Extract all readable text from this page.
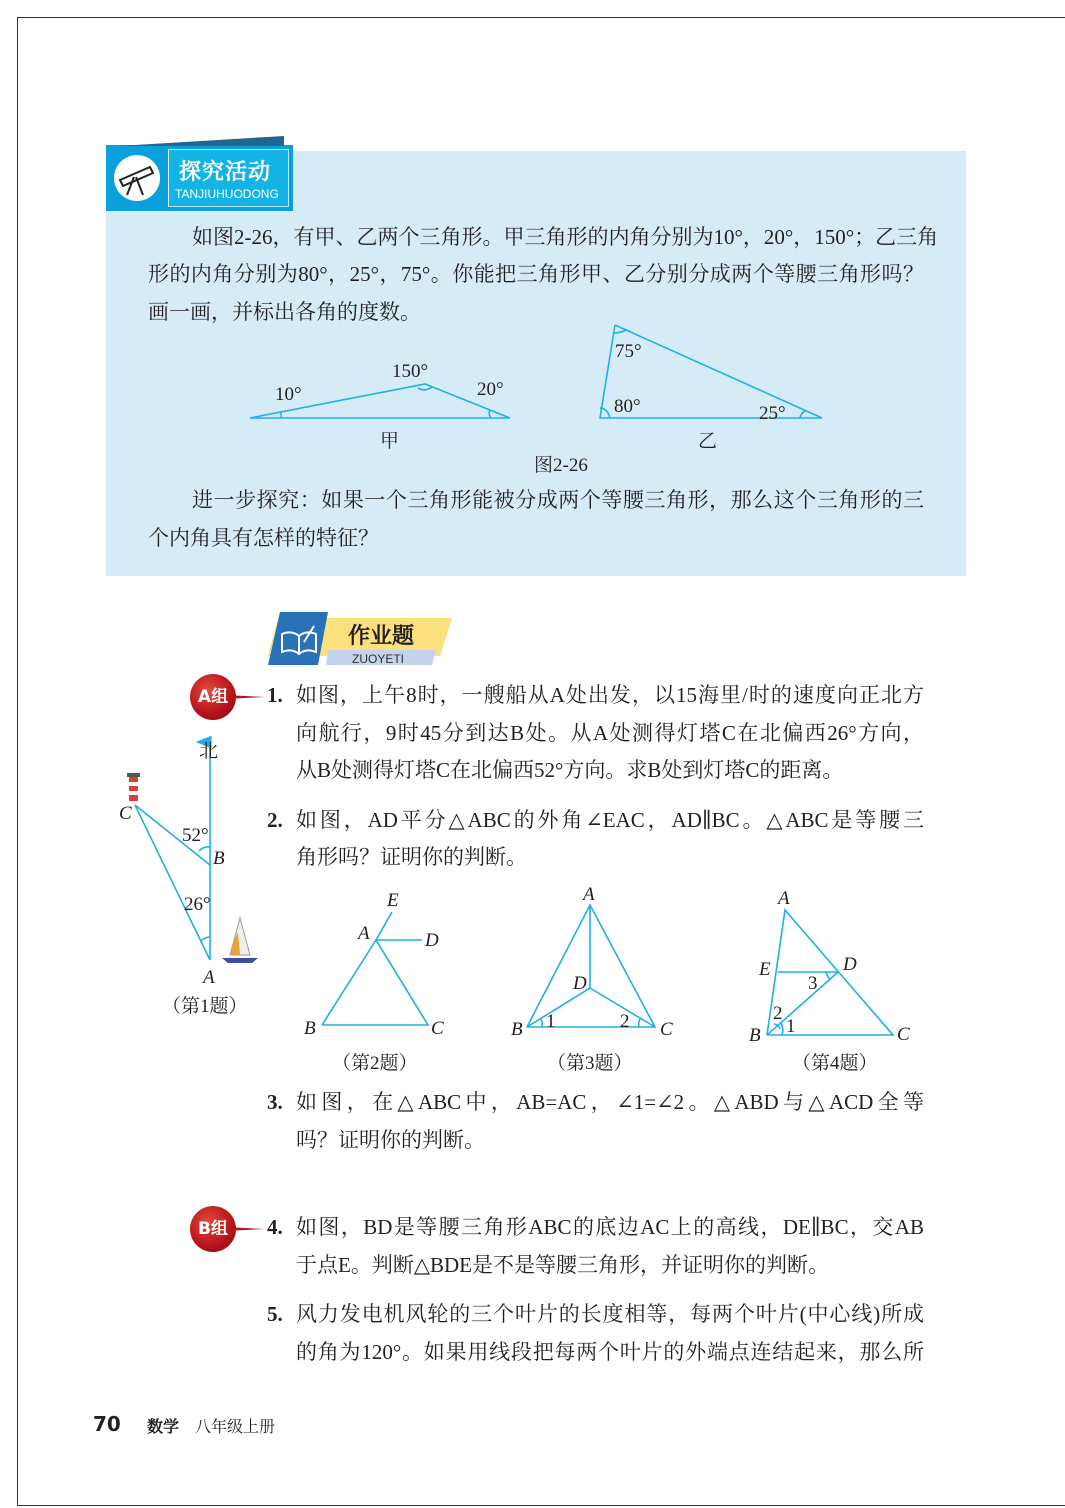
探究活动
TANJIUHUODONG
如图2-26，有甲、乙两个三角形。甲三角形的内角分别为10°，20°，150°；乙三角
形的内角分别为80°，25°，75°。你能把三角形甲、乙分别分成两个等腰三角形吗？
画一画，并标出各角的度数。
进一步探究：如果一个三角形能被分成两个等腰三角形，那么这个三角形的三
个内角具有怎样的特征？
作业题
ZUOYETI
A组
B组
1. 如图，上午8时，一艘船从A处出发，以15海里/时的速度向正北方
向航行，9时45分到达B处。从A处测得灯塔C在北偏西26°方向，
从B处测得灯塔C在北偏西52°方向。求B处到灯塔C的距离。
2. 如图，AD平分△ABC的外角∠EAC，AD∥BC。△ABC是等腰三
角形吗？证明你的判断。
3. 如图，在△ABC中，AB=AC，∠1=∠2。△ABD与△ACD全等
吗？证明你的判断。
4. 如图，BD是等腰三角形ABC的底边AC上的高线，DE∥BC，交AB
于点E。判断△BDE是不是等腰三角形，并证明你的判断。
5. 风力发电机风轮的三个叶片的长度相等，每两个叶片(中心线)所成
的角为120°。如果用线段把每两个叶片的外端点连结起来，那么所
10°
150°
20°
甲
75°
80°	25°
乙
图2-26
北
C
52°
B
26°
A
（第1题）
E
A	D
B	C
（第2题）
A
D
B	C
1	2
（第3题）
A
E	D
B	C
1
2
3
（第4题）
70 数学 八年级上册
